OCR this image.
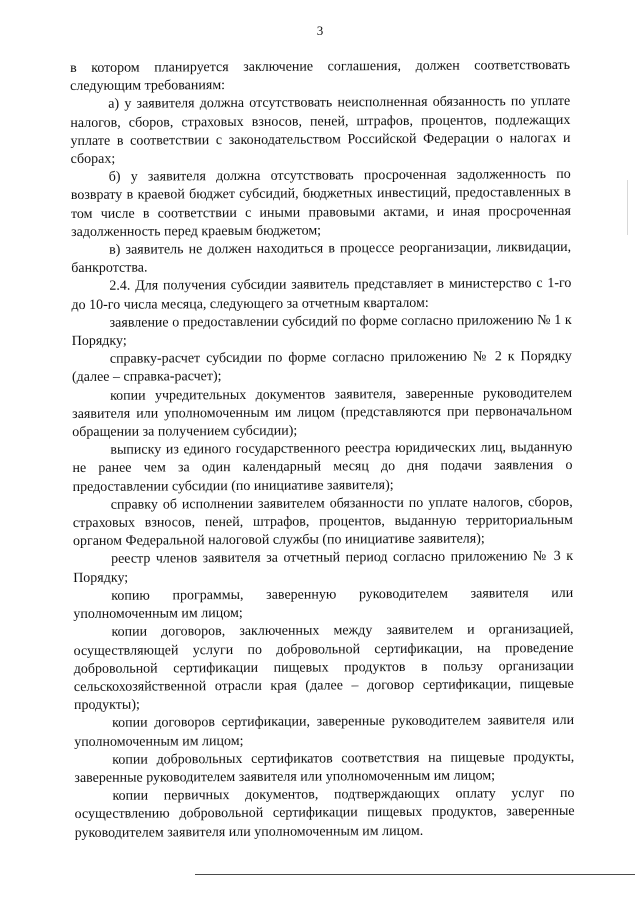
3

в котором планируется заключение соглашения, должен соответствовать следующим требованиям:

а) у заявителя должна отсутствовать неисполненная обязанность по уплате налогов, сборов, страховых взносов, пеней, штрафов, процентов, подлежащих уплате в соответствии с законодательством Российской Федерации о налогах и сборах;

б) у заявителя должна отсутствовать просроченная задолженность по возврату в краевой бюджет субсидий, бюджетных инвестиций, предоставленных в том числе в соответствии с иными правовыми актами, и иная просроченная задолженность перед краевым бюджетом;

в) заявитель не должен находиться в процессе реорганизации, ликвидации, банкротства.

2.4. Для получения субсидии заявитель представляет в министерство с 1-го до 10-го числа месяца, следующего за отчетным кварталом:

заявление о предоставлении субсидий по форме согласно приложению № 1 к Порядку;

справку-расчет субсидии по форме согласно приложению № 2 к Порядку (далее – справка-расчет);

копии учредительных документов заявителя, заверенные руководителем заявителя или уполномоченным им лицом (представляются при первоначальном обращении за получением субсидии);

выписку из единого государственного реестра юридических лиц, выданную не ранее чем за один календарный месяц до дня подачи заявления о предоставлении субсидии (по инициативе заявителя);

справку об исполнении заявителем обязанности по уплате налогов, сборов, страховых взносов, пеней, штрафов, процентов, выданную территориальным органом Федеральной налоговой службы (по инициативе заявителя);

реестр членов заявителя за отчетный период согласно приложению № 3 к Порядку;

копию программы, заверенную руководителем заявителя или уполномоченным им лицом;

копии договоров, заключенных между заявителем и организацией, осуществляющей услуги по добровольной сертификации, на проведение добровольной сертификации пищевых продуктов в пользу организации сельскохозяйственной отрасли края (далее – договор сертификации, пищевые продукты);

копии договоров сертификации, заверенные руководителем заявителя или уполномоченным им лицом;

копии добровольных сертификатов соответствия на пищевые продукты, заверенные руководителем заявителя или уполномоченным им лицом;

копии первичных документов, подтверждающих оплату услуг по осуществлению добровольной сертификации пищевых продуктов, заверенные руководителем заявителя или уполномоченным им лицом.
